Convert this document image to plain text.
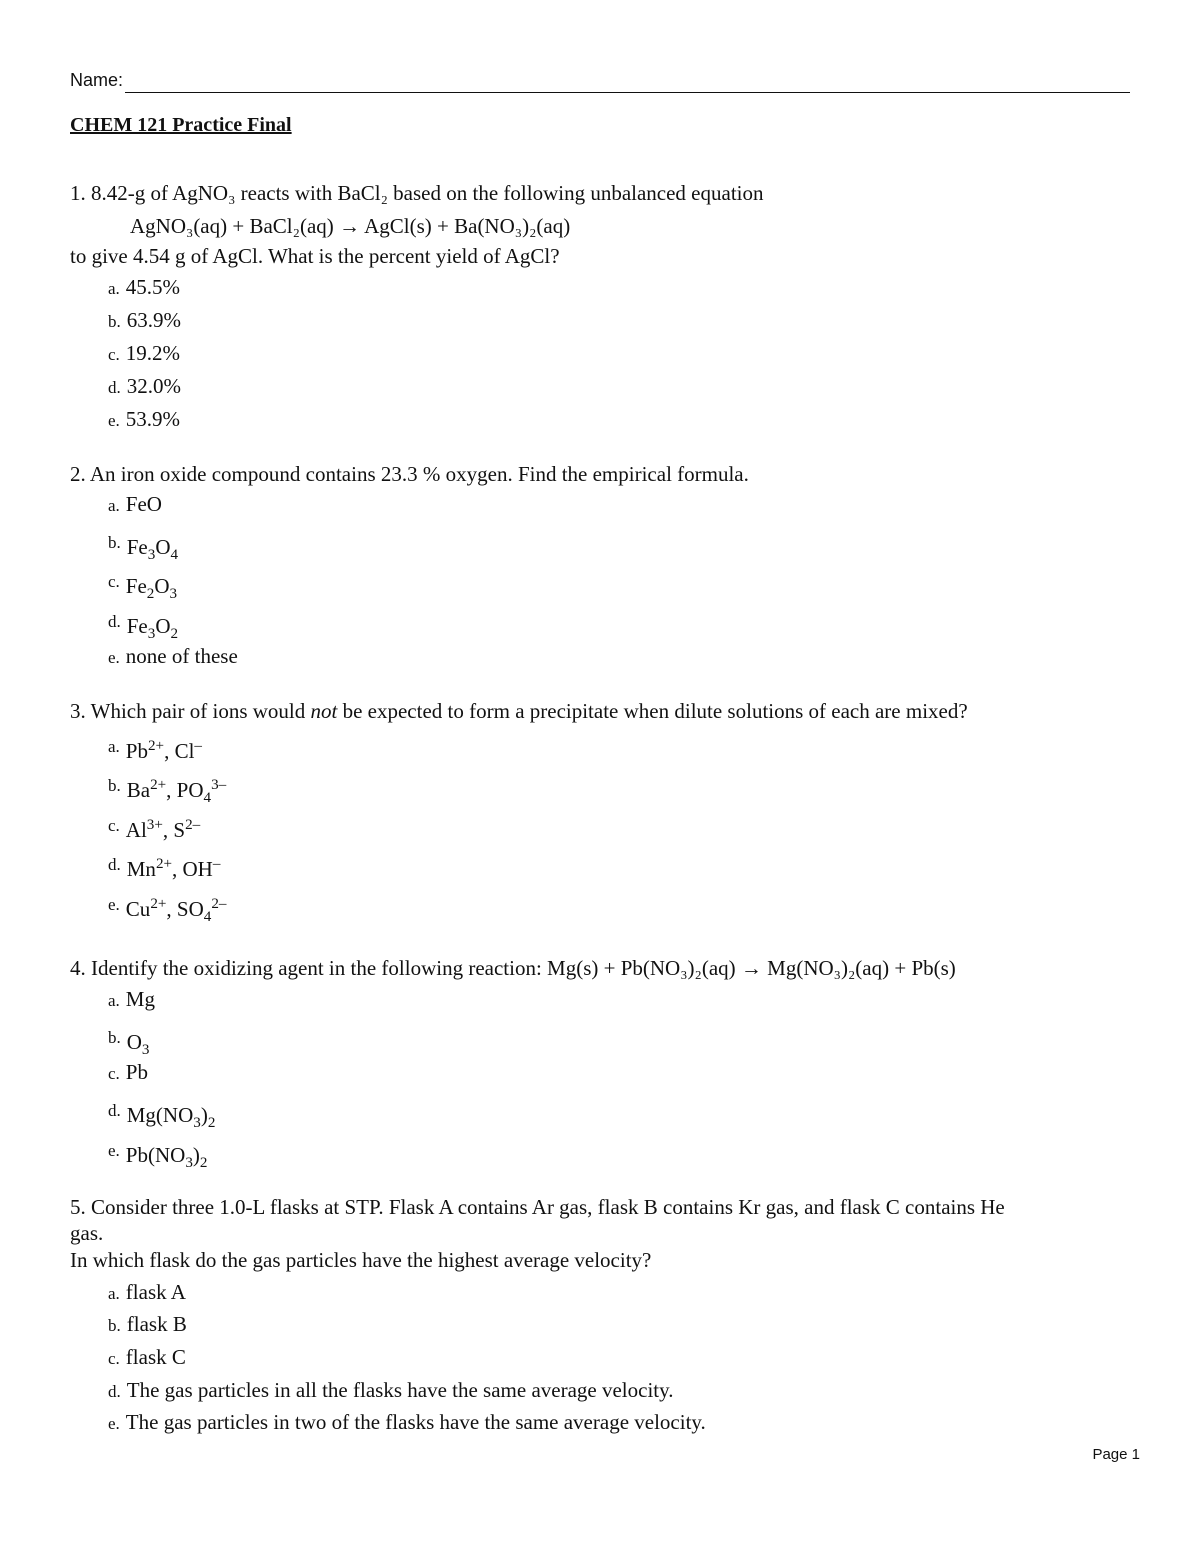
Name:
CHEM 121 Practice Final
1. 8.42-g of AgNO₃ reacts with BaCl₂ based on the following unbalanced equation
AgNO₃(aq) + BaCl₂(aq) → AgCl(s) + Ba(NO₃)₂(aq)
to give 4.54 g of AgCl. What is the percent yield of AgCl?
a. 45.5%
b. 63.9%
c. 19.2%
d. 32.0%
e. 53.9%
2. An iron oxide compound contains 23.3 % oxygen. Find the empirical formula.
a. FeO
b. $Fe_3O_4$
c. $Fe_2O_3$
d. $Fe_3O_2$
e. none of these
3. Which pair of ions would not be expected to form a precipitate when dilute solutions of each are mixed?
a. $Pb^{2+}$, Cl–
b. $Ba^{2+}$, $PO_4^{3-}$
c. $Al^{3+}$, $S^{2-}$
d. $Mn^{2+}$, OH–
e. $Cu^{2+}$, $SO_4^{2-}$
4. Identify the oxidizing agent in the following reaction: Mg(s) + Pb(NO₃)₂(aq) → Mg(NO₃)₂(aq) + Pb(s)
a. Mg
b. $O_3$
c. Pb
d. $Mg(NO_3)_2$
e. $Pb(NO_3)_2$
5. Consider three 1.0-L flasks at STP. Flask A contains Ar gas, flask B contains Kr gas, and flask C contains He
gas.
In which flask do the gas particles have the highest average velocity?
a. flask A
b. flask B
c. flask C
d. The gas particles in all the flasks have the same average velocity.
e. The gas particles in two of the flasks have the same average velocity.
Page 1
